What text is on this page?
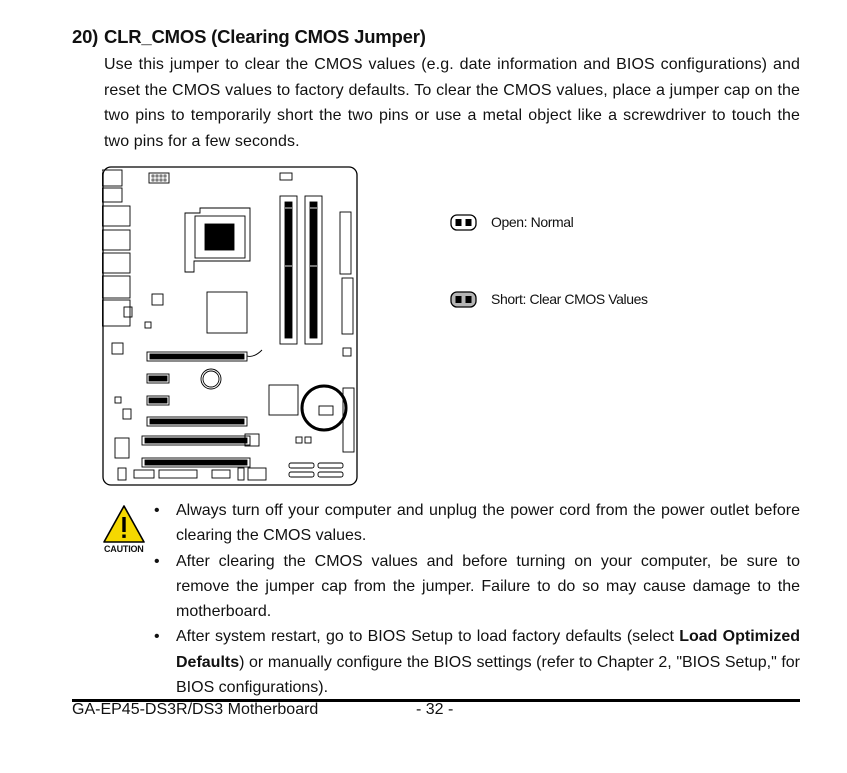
20) CLR_CMOS (Clearing CMOS Jumper)
Use this jumper to clear the CMOS values (e.g. date information and BIOS configurations) and reset the CMOS values to factory defaults. To clear the CMOS values, place a jumper cap on the two pins to temporarily short the two pins or use a metal object like a screwdriver to touch the two pins for a few seconds.
Open: Normal
Short: Clear CMOS Values
CAUTION
• Always turn off your computer and unplug the power cord from the power outlet before clearing the CMOS values.
• After clearing the CMOS values and before turning on your computer, be sure to remove the jumper cap from the jumper. Failure to do so may cause damage to the motherboard.
• After system restart, go to BIOS Setup to load factory defaults (select Load Optimized Defaults) or manually configure the BIOS settings (refer to Chapter 2, "BIOS Setup," for BIOS configurations).
GA-EP45-DS3R/DS3 Motherboard	- 32 -
